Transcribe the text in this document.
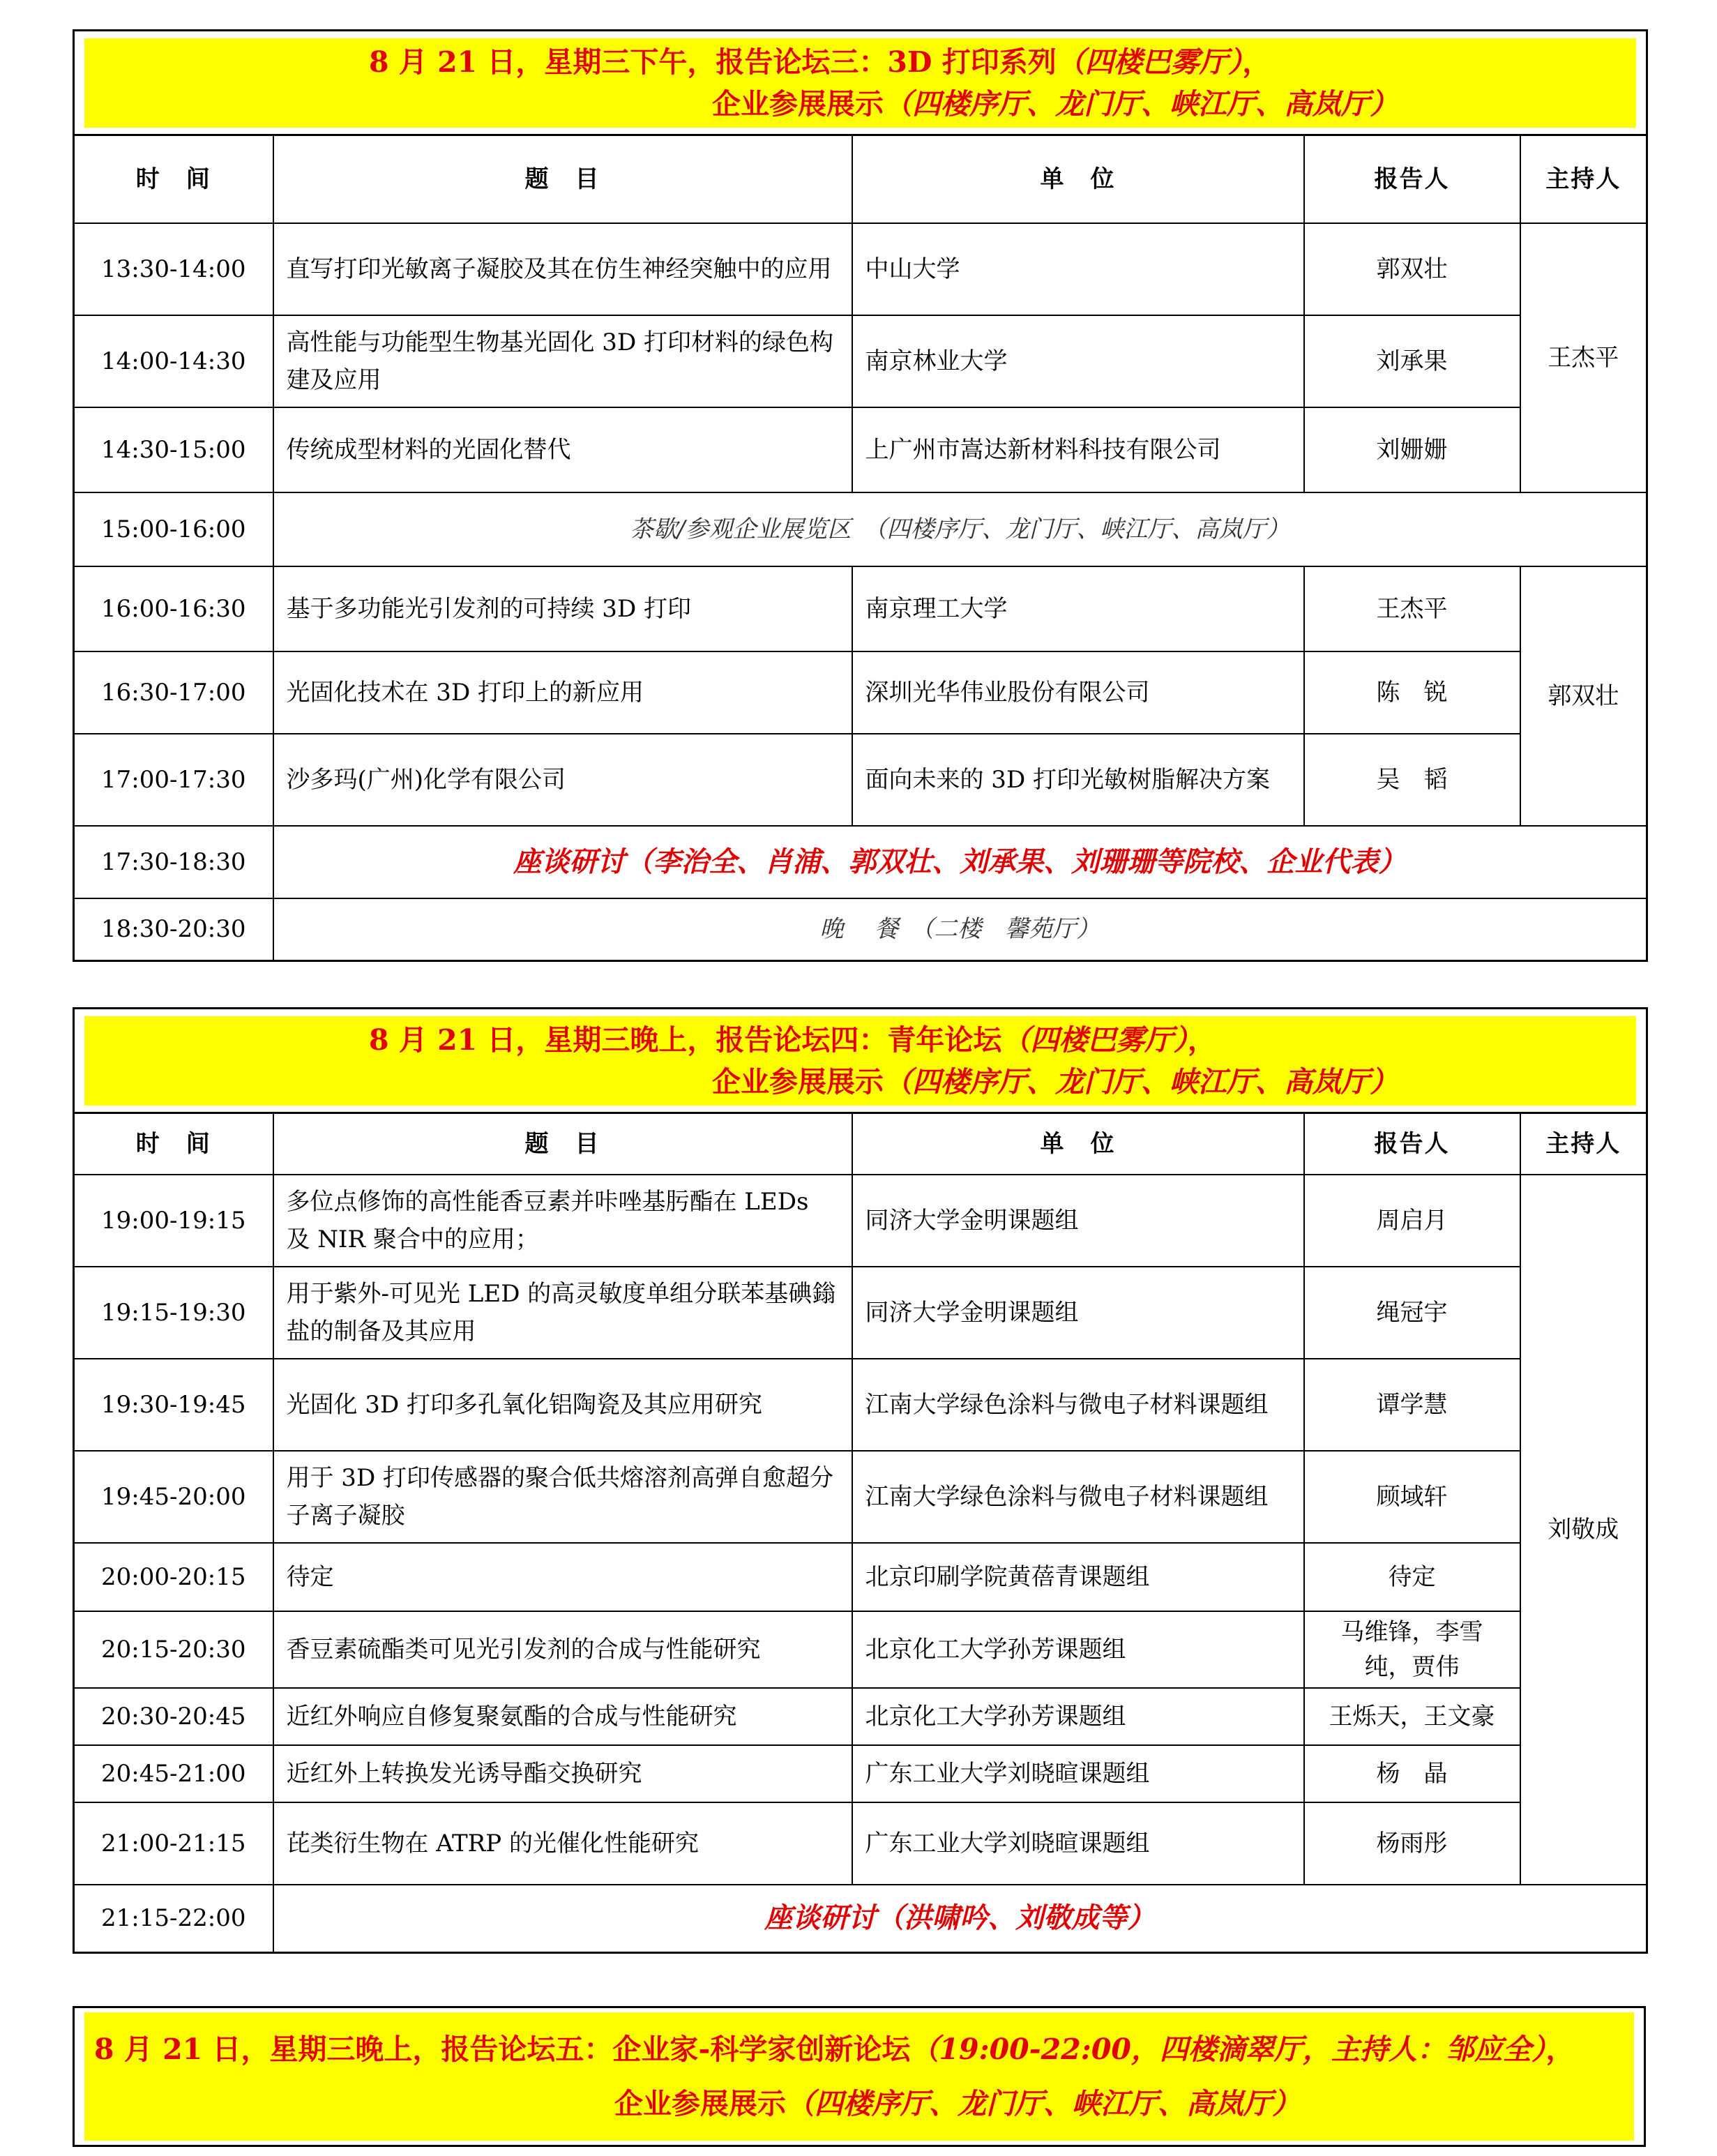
8 月 21 日，星期三下午，报告论坛三：3D 打印系列（四楼巴雾厅），
企业参展展示（四楼序厅、龙门厅、峡江厅、高岚厅）				

时　间	题　目	单　位	报告人	主持人
13:30-14:00	直写打印光敏离子凝胶及其在仿生神经突触中的应用	中山大学	郭双壮	王杰平
14:00-14:30	高性能与功能型生物基光固化 3D 打印材料的绿色构建及应用	南京林业大学	刘承果	
14:30-15:00	传统成型材料的光固化替代	上广州市嵩达新材料科技有限公司	刘姗姗	
15:00-16:00	茶歇/参观企业展览区　（四楼序厅、龙门厅、峡江厅、高岚厅）			
16:00-16:30	基于多功能光引发剂的可持续 3D 打印	南京理工大学	王杰平	郭双壮
16:30-17:00	光固化技术在 3D 打印上的新应用	深圳光华伟业股份有限公司	陈　锐	
17:00-17:30	沙多玛(广州)化学有限公司	面向未来的 3D 打印光敏树脂解决方案	吴　韬	
17:30-18:30	座谈研讨（李治全、肖浦、郭双壮、刘承果、刘珊珊等院校、企业代表）			
18:30-20:30	晚　 餐　（二楼　馨苑厅）			
8 月 21 日，星期三晚上，报告论坛四：青年论坛（四楼巴雾厅），
企业参展展示（四楼序厅、龙门厅、峡江厅、高岚厅）				

时　间	题　目	单　位	报告人	主持人
19:00-19:15	多位点修饰的高性能香豆素并咔唑基肟酯在 LEDs 及 NIR 聚合中的应用；	同济大学金明课题组	周启月	刘敬成
19:15-19:30	用于紫外-可见光 LED 的高灵敏度单组分联苯基碘鎓盐的制备及其应用	同济大学金明课题组	绳冠宇	
19:30-19:45	光固化 3D 打印多孔氧化铝陶瓷及其应用研究	江南大学绿色涂料与微电子材料课题组	谭学慧	
19:45-20:00	用于 3D 打印传感器的聚合低共熔溶剂高弹自愈超分子离子凝胶	江南大学绿色涂料与微电子材料课题组	顾域轩	
20:00-20:15	待定	北京印刷学院黄蓓青课题组	待定	
20:15-20:30	香豆素硫酯类可见光引发剂的合成与性能研究	北京化工大学孙芳课题组	马维锋，李雪纯，贾伟	
20:30-20:45	近红外响应自修复聚氨酯的合成与性能研究	北京化工大学孙芳课题组	王烁天，王文豪	
20:45-21:00	近红外上转换发光诱导酯交换研究	广东工业大学刘晓暄课题组	杨　晶	
21:00-21:15	芘类衍生物在 ATRP 的光催化性能研究	广东工业大学刘晓暄课题组	杨雨彤	
21:15-22:00	座谈研讨（洪啸吟、刘敬成等）			
8 月 21 日，星期三晚上，报告论坛五：企业家-科学家创新论坛（19:00-22:00，四楼滴翠厅，主持人：邹应全），
企业参展展示（四楼序厅、龙门厅、峡江厅、高岚厅）
